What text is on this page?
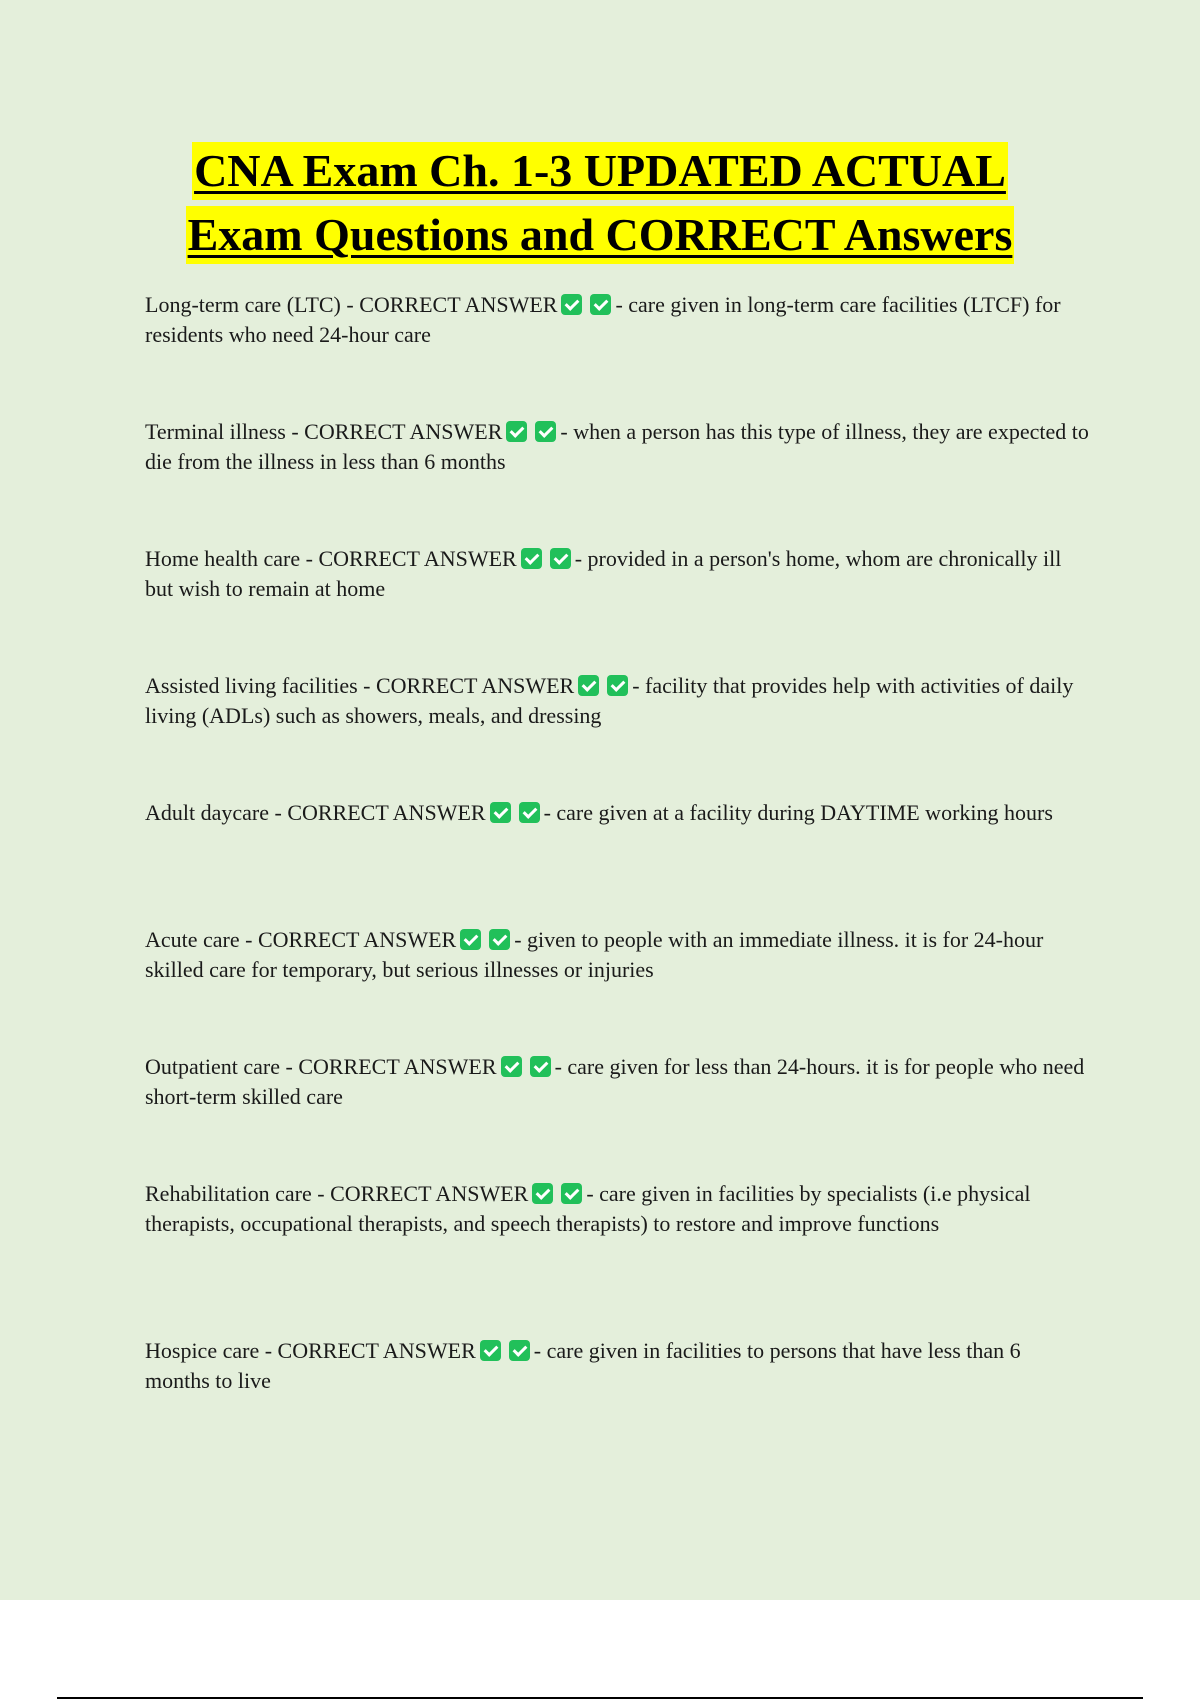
CNA Exam Ch. 1-3 UPDATED ACTUAL
Exam Questions and CORRECT Answers
Long-term care (LTC) - CORRECT ANSWER	- care given in long-term care facilities (LTCF) for residents who need 24-hour care
Terminal illness - CORRECT ANSWER	- when a person has this type of illness, they are expected to die from the illness in less than 6 months
Home health care - CORRECT ANSWER	- provided in a person's home, whom are chronically ill but wish to remain at home
Assisted living facilities - CORRECT ANSWER	- facility that provides help with activities of daily living (ADLs) such as showers, meals, and dressing
Adult daycare - CORRECT ANSWER	- care given at a facility during DAYTIME working hours
Acute care - CORRECT ANSWER	- given to people with an immediate illness. it is for 24-hour skilled care for temporary, but serious illnesses or injuries
Outpatient care - CORRECT ANSWER	- care given for less than 24-hours. it is for people who need short-term skilled care
Rehabilitation care - CORRECT ANSWER	- care given in facilities by specialists (i.e physical therapists, occupational therapists, and speech therapists) to restore and improve functions
Hospice care - CORRECT ANSWER	- care given in facilities to persons that have less than 6 months to live
